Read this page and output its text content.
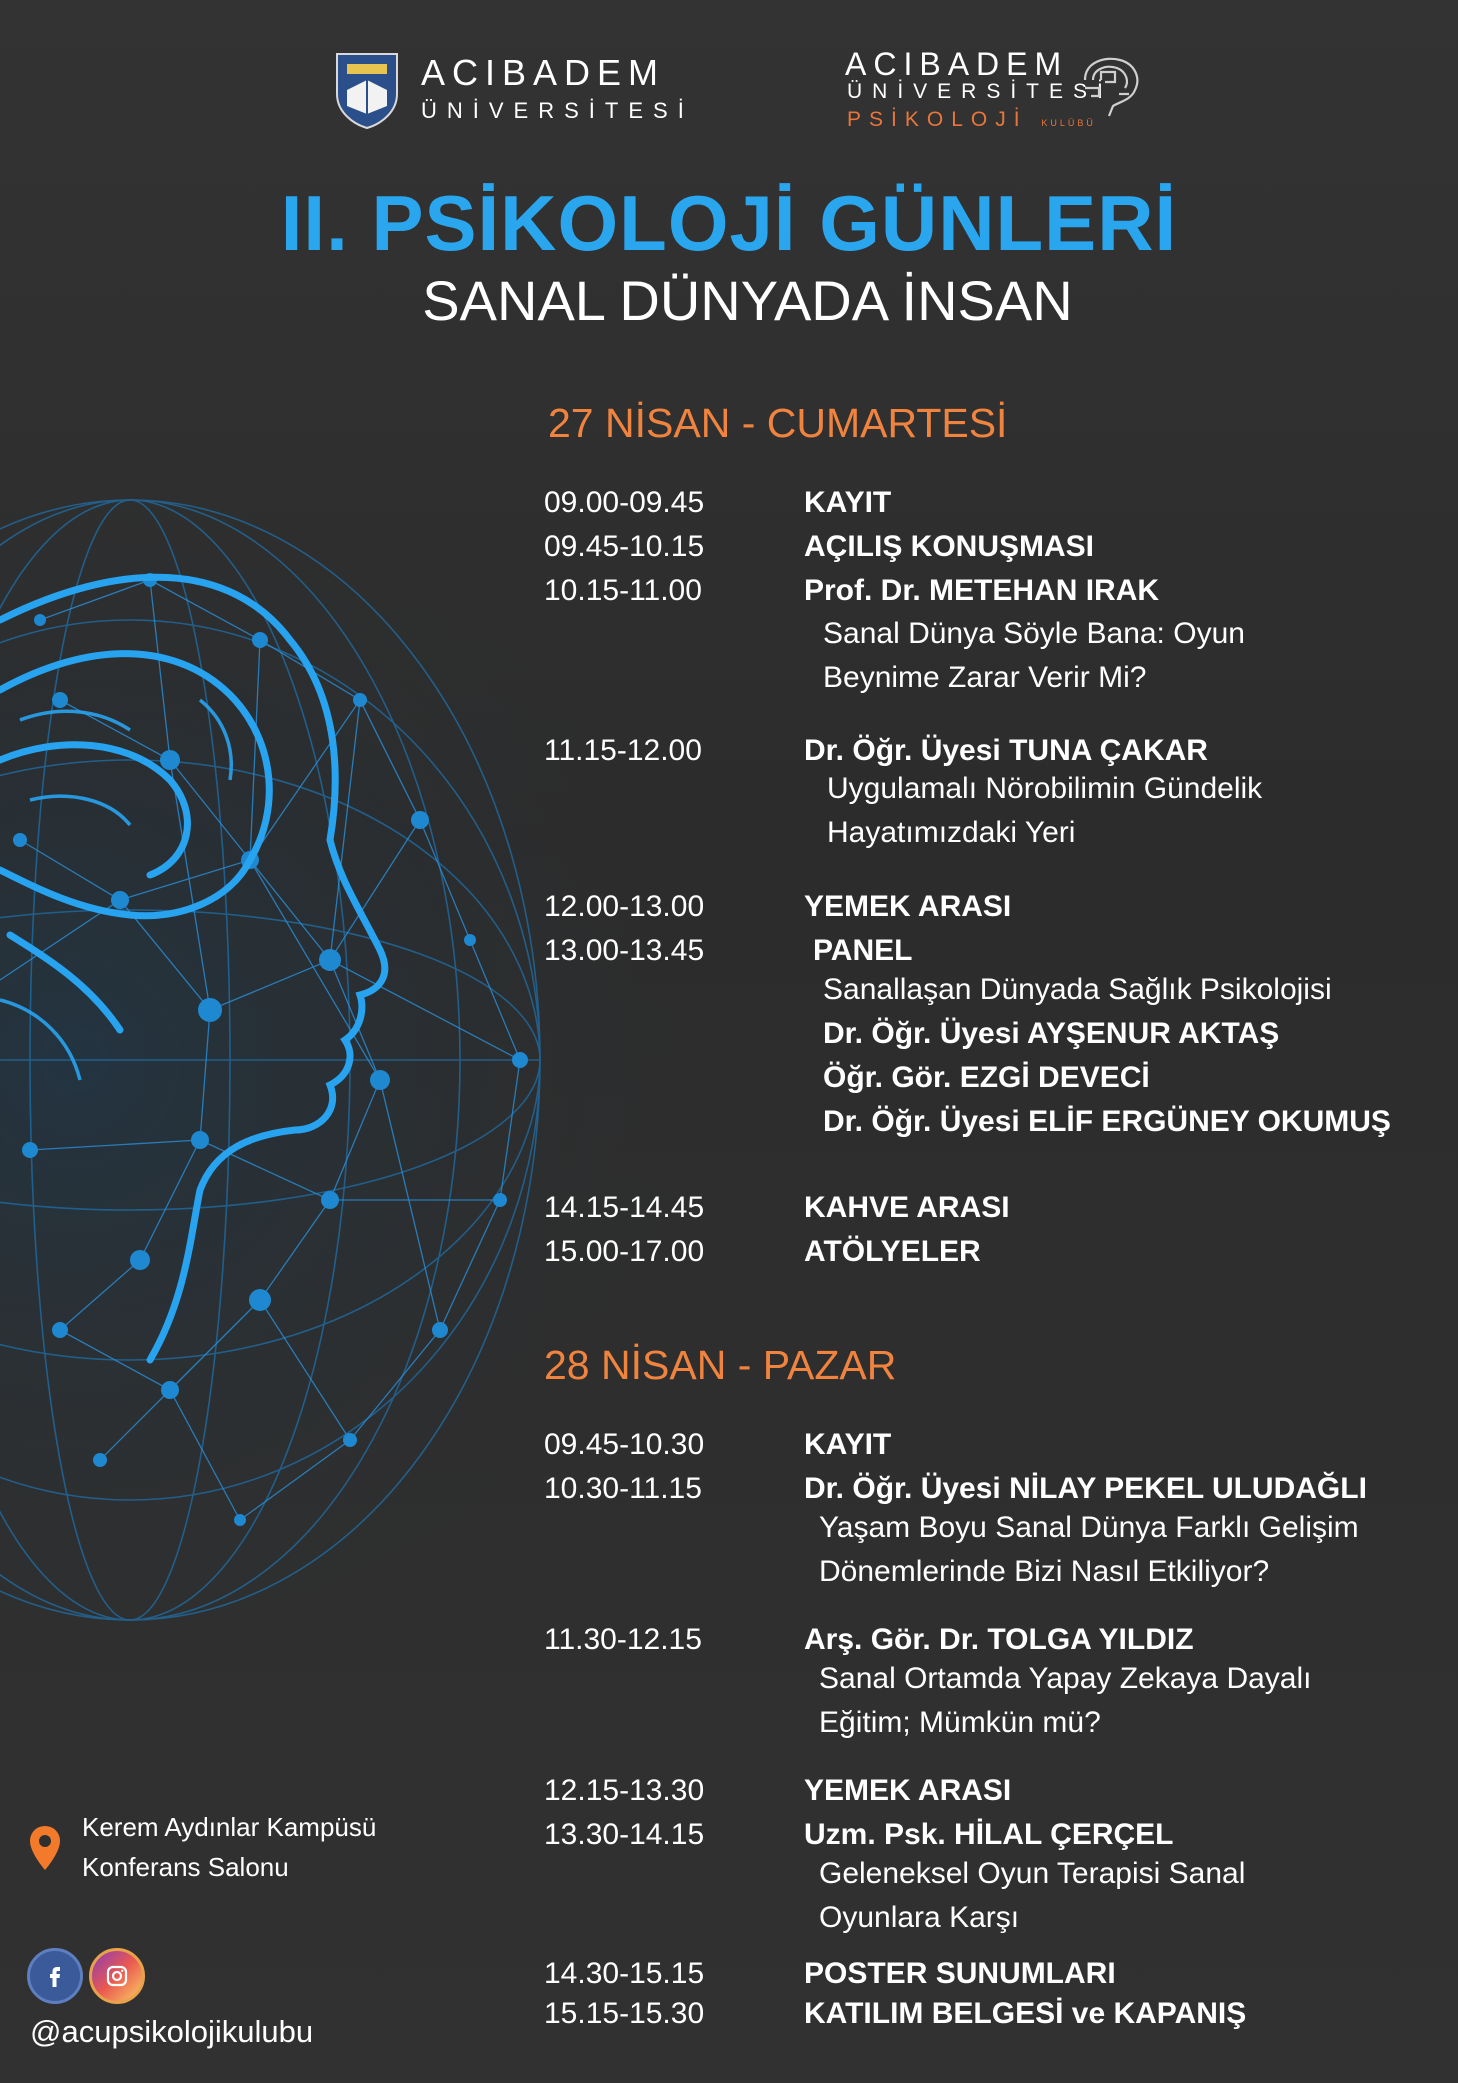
ACIBADEM
ÜNİVERSİTESİ
ACIBADEM
ÜNİVERSİTESİ
PSİKOLOJİ KULÜBÜ
II. PSİKOLOJİ GÜNLERİ
SANAL DÜNYADA İNSAN
27 NİSAN - CUMARTESİ
09.00-09.45	KAYIT
09.45-10.15	AÇILIŞ KONUŞMASI
10.15-11.00	Prof. Dr. METEHAN IRAK
Sanal Dünya Söyle Bana: Oyun
Beynime Zarar Verir Mi?
11.15-12.00	Dr. Öğr. Üyesi TUNA ÇAKAR
Uygulamalı Nörobilimin Gündelik
Hayatımızdaki Yeri
12.00-13.00	YEMEK ARASI
13.00-13.45	PANEL
Sanallaşan Dünyada Sağlık Psikolojisi
Dr. Öğr. Üyesi AYŞENUR AKTAŞ
Öğr. Gör. EZGİ DEVECİ
Dr. Öğr. Üyesi ELİF ERGÜNEY OKUMUŞ
14.15-14.45	KAHVE ARASI
15.00-17.00	ATÖLYELER
28 NİSAN - PAZAR
09.45-10.30	KAYIT
10.30-11.15	Dr. Öğr. Üyesi NİLAY PEKEL ULUDAĞLI
Yaşam Boyu Sanal Dünya Farklı Gelişim
Dönemlerinde Bizi Nasıl Etkiliyor?
11.30-12.15	Arş. Gör. Dr. TOLGA YILDIZ
Sanal Ortamda Yapay Zekaya Dayalı
Eğitim; Mümkün mü?
12.15-13.30	YEMEK ARASI
13.30-14.15	Uzm. Psk. HİLAL ÇERÇEL
Geleneksel Oyun Terapisi Sanal
Oyunlara Karşı
14.30-15.15	POSTER SUNUMLARI
15.15-15.30	KATILIM BELGESİ ve KAPANIŞ
Kerem Aydınlar Kampüsü
Konferans Salonu
@acupsikolojikulubu
